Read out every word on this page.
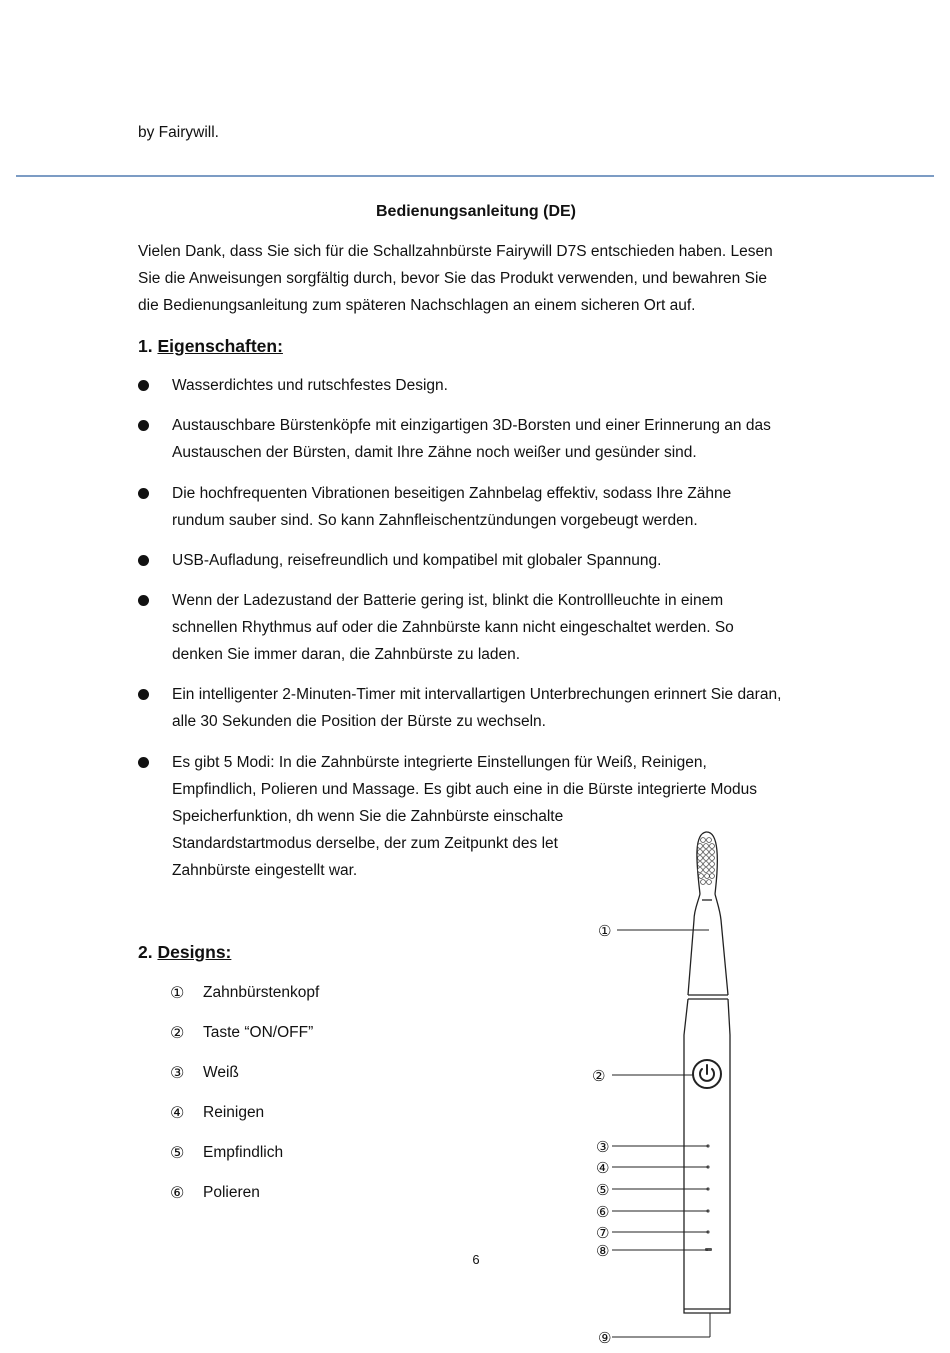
by Fairywill.
Bedienungsanleitung (DE)
Vielen Dank, dass Sie sich für die Schallzahnbürste Fairywill D7S entschieden haben. Lesen
Sie die Anweisungen sorgfältig durch, bevor Sie das Produkt verwenden, und bewahren Sie
die Bedienungsanleitung zum späteren Nachschlagen an einem sicheren Ort auf.
1. Eigenschaften:
Wasserdichtes und rutschfestes Design.
Austauschbare Bürstenköpfe mit einzigartigen 3D-Borsten und einer Erinnerung an das
Austauschen der Bürsten, damit Ihre Zähne noch weißer und gesünder sind.
Die hochfrequenten Vibrationen beseitigen Zahnbelag effektiv, sodass Ihre Zähne
rundum sauber sind. So kann Zahnfleischentzündungen vorgebeugt werden.
USB-Aufladung, reisefreundlich und kompatibel mit globaler Spannung.
Wenn der Ladezustand der Batterie gering ist, blinkt die Kontrollleuchte in einem
schnellen Rhythmus auf oder die Zahnbürste kann nicht eingeschaltet werden. So
denken Sie immer daran, die Zahnbürste zu laden.
Ein intelligenter 2-Minuten-Timer mit intervallartigen Unterbrechungen erinnert Sie daran,
alle 30 Sekunden die Position der Bürste zu wechseln.
Es gibt 5 Modi: In die Zahnbürste integrierte Einstellungen für Weiß, Reinigen,
Empfindlich, Polieren und Massage. Es gibt auch eine in die Bürste integrierte Modus
Speicherfunktion, dh wenn Sie die Zahnbürste einschalte
Standardstartmodus derselbe, der zum Zeitpunkt des let
Zahnbürste eingestellt war.
2. Designs:
① Zahnbürstenkopf
② Taste “ON/OFF”
③ Weiß
④ Reinigen
⑤ Empfindlich
⑥ Polieren
6
①
②
③
④
⑤
⑥
⑦
⑧
⑨
